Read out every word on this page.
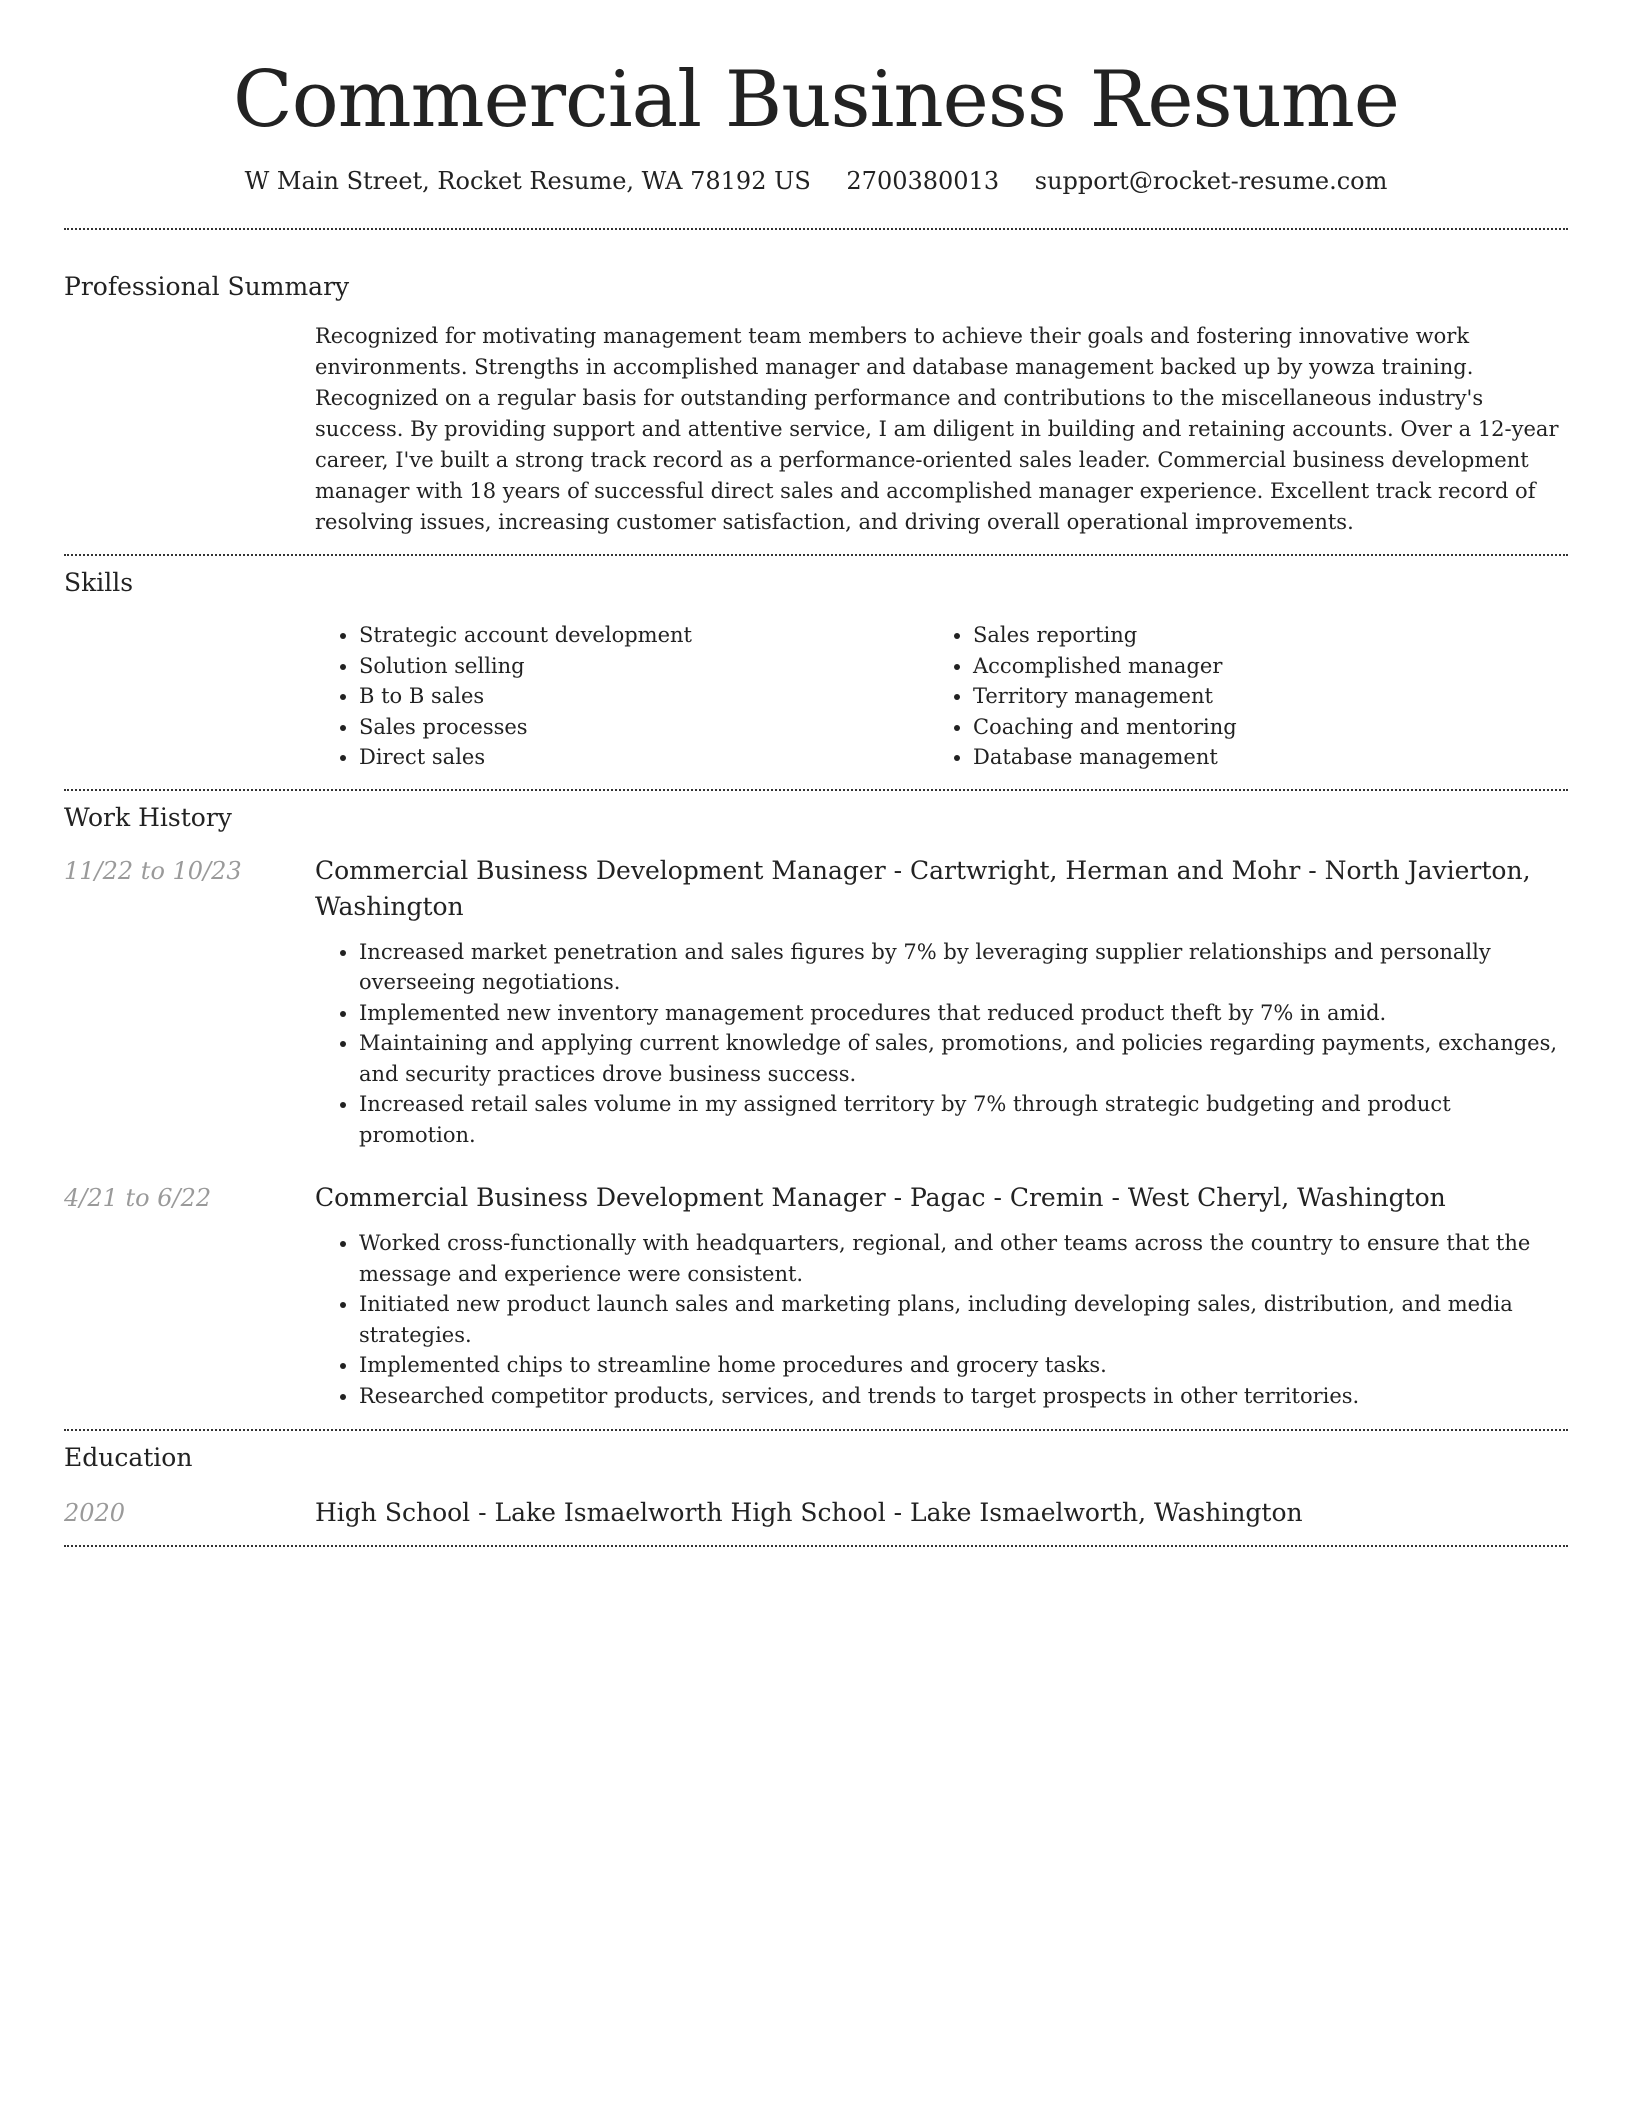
Commercial Business Resume
W Main Street, Rocket Resume, WA 78192 US 2700380013 support@rocket-resume.com
Professional Summary

Recognized for motivating management team members to achieve their goals and fostering innovative work environments. Strengths in accomplished manager and database management backed up by yowza training. Recognized on a regular basis for outstanding performance and contributions to the miscellaneous industry's success. By providing support and attentive service, I am diligent in building and retaining accounts. Over a 12-year career, I've built a strong track record as a performance-oriented sales leader. Commercial business development manager with 18 years of successful direct sales and accomplished manager experience. Excellent track record of resolving issues, increasing customer satisfaction, and driving overall operational improvements.

Skills
• Strategic account development
• Solution selling
• B to B sales
• Sales processes
• Direct sales
• Sales reporting
• Accomplished manager
• Territory management
• Coaching and mentoring
• Database management
Work History
11/22 to 10/23	Commercial Business Development Manager - Cartwright, Herman and Mohr - North Javierton, Washington
• Increased market penetration and sales figures by 7% by leveraging supplier relationships and personally overseeing negotiations.
• Implemented new inventory management procedures that reduced product theft by 7% in amid.
• Maintaining and applying current knowledge of sales, promotions, and policies regarding payments, exchanges, and security practices drove business success.
• Increased retail sales volume in my assigned territory by 7% through strategic budgeting and product promotion.
4/21 to 6/22	Commercial Business Development Manager - Pagac - Cremin - West Cheryl, Washington
• Worked cross-functionally with headquarters, regional, and other teams across the country to ensure that the message and experience were consistent.
• Initiated new product launch sales and marketing plans, including developing sales, distribution, and media strategies.
• Implemented chips to streamline home procedures and grocery tasks.
• Researched competitor products, services, and trends to target prospects in other territories.
Education
2020	High School - Lake Ismaelworth High School - Lake Ismaelworth, Washington
